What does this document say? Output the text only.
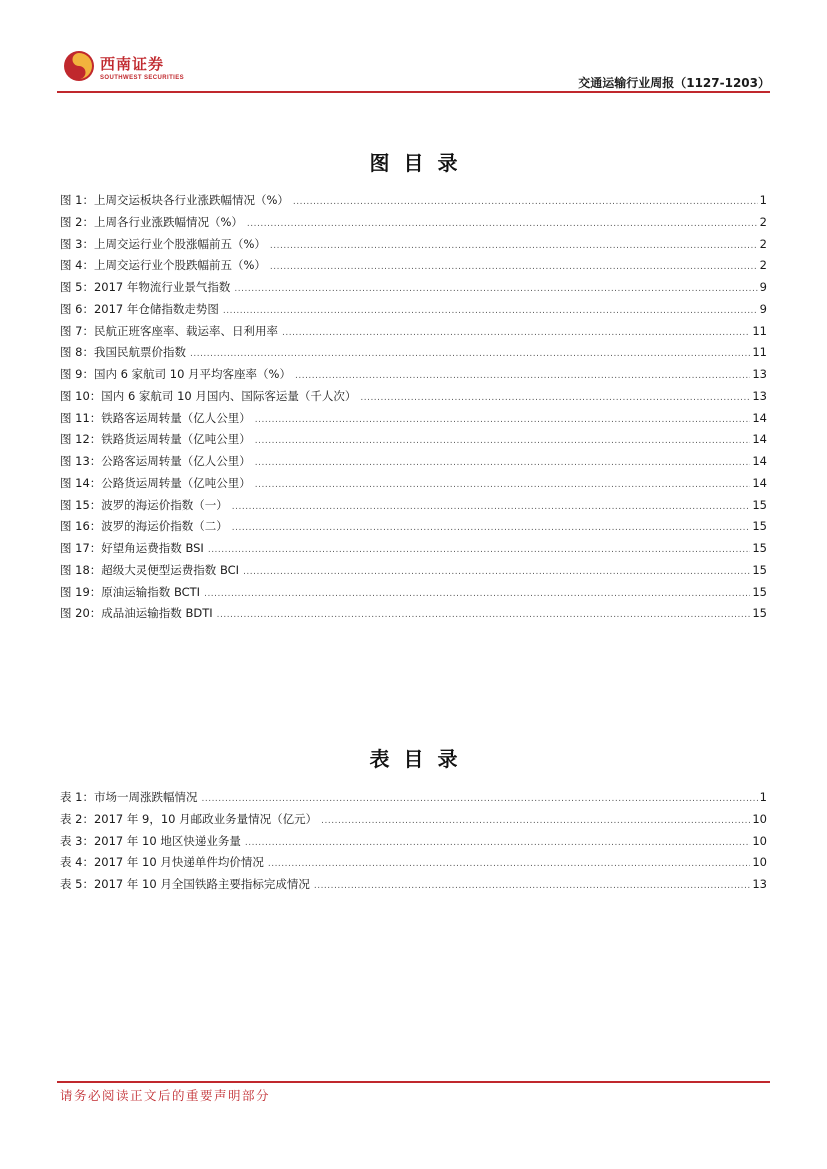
西南证券
SOUTHWEST SECURITIES	交通运输行业周报（1127-1203）
图目录
图 1：上周交运板块各行业涨跌幅情况（%） .....	1
图 2：上周各行业涨跌幅情况（%） .....	2
图 3：上周交运行业个股涨幅前五（%） .....	2
图 4：上周交运行业个股跌幅前五（%） .....	2
图 5：2017 年物流行业景气指数 .....	9
图 6：2017 年仓储指数走势图 .....	9
图 7：民航正班客座率、载运率、日利用率 .....	11
图 8：我国民航票价指数 .....	11
图 9：国内 6 家航司 10 月平均客座率（%） .....	13
图 10：国内 6 家航司 10 月国内、国际客运量（千人次） .....	13
图 11：铁路客运周转量（亿人公里） .....	14
图 12：铁路货运周转量（亿吨公里） .....	14
图 13：公路客运周转量（亿人公里） .....	14
图 14：公路货运周转量（亿吨公里） .....	14
图 15：波罗的海运价指数（一） .....	15
图 16：波罗的海运价指数（二） .....	15
图 17：好望角运费指数 BSI .....	15
图 18：超级大灵便型运费指数 BCI .....	15
图 19：原油运输指数 BCTI .....	15
图 20：成品油运输指数 BDTI .....	15
表目录
表 1：市场一周涨跌幅情况 .....	1
表 2：2017 年 9，10 月邮政业务量情况（亿元） .....	10
表 3：2017 年 10 地区快递业务量 .....	10
表 4：2017 年 10 月快递单件均价情况 .....	10
表 5：2017 年 10 月全国铁路主要指标完成情况 .....	13
请务必阅读正文后的重要声明部分
